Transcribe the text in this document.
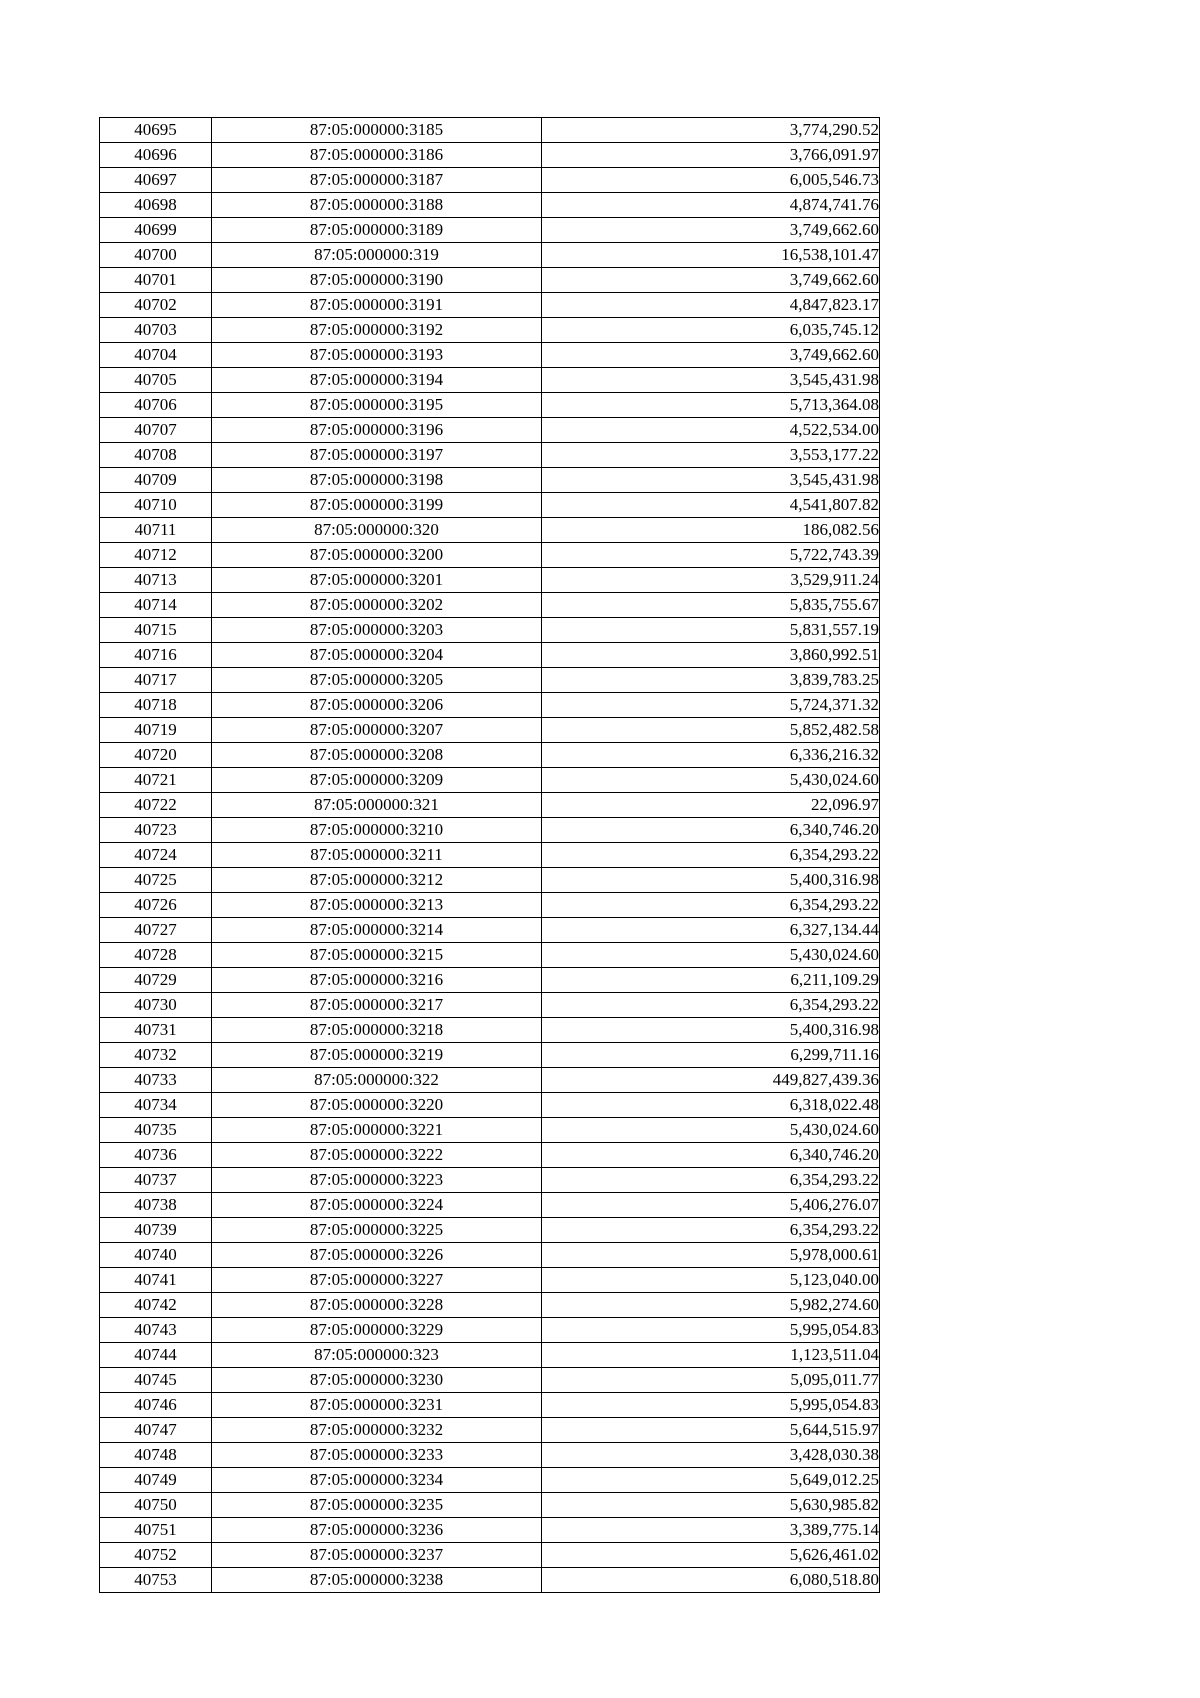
40695	87:05:000000:3185	3,774,290.52
40696	87:05:000000:3186	3,766,091.97
40697	87:05:000000:3187	6,005,546.73
40698	87:05:000000:3188	4,874,741.76
40699	87:05:000000:3189	3,749,662.60
40700	87:05:000000:319	16,538,101.47
40701	87:05:000000:3190	3,749,662.60
40702	87:05:000000:3191	4,847,823.17
40703	87:05:000000:3192	6,035,745.12
40704	87:05:000000:3193	3,749,662.60
40705	87:05:000000:3194	3,545,431.98
40706	87:05:000000:3195	5,713,364.08
40707	87:05:000000:3196	4,522,534.00
40708	87:05:000000:3197	3,553,177.22
40709	87:05:000000:3198	3,545,431.98
40710	87:05:000000:3199	4,541,807.82
40711	87:05:000000:320	186,082.56
40712	87:05:000000:3200	5,722,743.39
40713	87:05:000000:3201	3,529,911.24
40714	87:05:000000:3202	5,835,755.67
40715	87:05:000000:3203	5,831,557.19
40716	87:05:000000:3204	3,860,992.51
40717	87:05:000000:3205	3,839,783.25
40718	87:05:000000:3206	5,724,371.32
40719	87:05:000000:3207	5,852,482.58
40720	87:05:000000:3208	6,336,216.32
40721	87:05:000000:3209	5,430,024.60
40722	87:05:000000:321	22,096.97
40723	87:05:000000:3210	6,340,746.20
40724	87:05:000000:3211	6,354,293.22
40725	87:05:000000:3212	5,400,316.98
40726	87:05:000000:3213	6,354,293.22
40727	87:05:000000:3214	6,327,134.44
40728	87:05:000000:3215	5,430,024.60
40729	87:05:000000:3216	6,211,109.29
40730	87:05:000000:3217	6,354,293.22
40731	87:05:000000:3218	5,400,316.98
40732	87:05:000000:3219	6,299,711.16
40733	87:05:000000:322	449,827,439.36
40734	87:05:000000:3220	6,318,022.48
40735	87:05:000000:3221	5,430,024.60
40736	87:05:000000:3222	6,340,746.20
40737	87:05:000000:3223	6,354,293.22
40738	87:05:000000:3224	5,406,276.07
40739	87:05:000000:3225	6,354,293.22
40740	87:05:000000:3226	5,978,000.61
40741	87:05:000000:3227	5,123,040.00
40742	87:05:000000:3228	5,982,274.60
40743	87:05:000000:3229	5,995,054.83
40744	87:05:000000:323	1,123,511.04
40745	87:05:000000:3230	5,095,011.77
40746	87:05:000000:3231	5,995,054.83
40747	87:05:000000:3232	5,644,515.97
40748	87:05:000000:3233	3,428,030.38
40749	87:05:000000:3234	5,649,012.25
40750	87:05:000000:3235	5,630,985.82
40751	87:05:000000:3236	3,389,775.14
40752	87:05:000000:3237	5,626,461.02
40753	87:05:000000:3238	6,080,518.80
